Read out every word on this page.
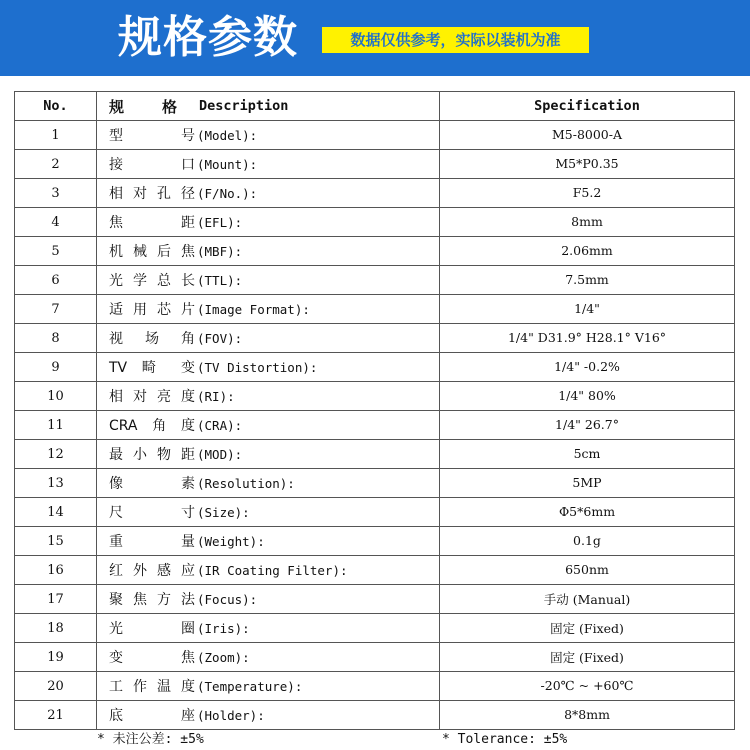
规格参数	数据仅供参考，实际以装机为准
No.	规格 Description	Specification
1	型号 (Model):	M5-8000-A
2	接口 (Mount):	M5*P0.35
3	相对孔径 (F/No.):	F5.2
4	焦距 (EFL):	8mm
5	机械后焦 (MBF):	2.06mm
6	光学总长 (TTL):	7.5mm
7	适用芯片 (Image Format):	1/4"
8	视场角 (FOV):	1/4" D31.9° H28.1° V16°
9	TV 畸 变 (TV Distortion):	1/4" -0.2%
10	相对亮度 (RI):	1/4" 80%
11	CRA角度 (CRA):	1/4" 26.7°
12	最小物距 (MOD):	5cm
13	像素 (Resolution):	5MP
14	尺寸 (Size):	Φ5*6mm
15	重量 (Weight):	0.1g
16	红外感应 (IR Coating Filter):	650nm
17	聚焦方法 (Focus):	手动 (Manual)
18	光圈 (Iris):	固定 (Fixed)
19	变焦 (Zoom):	固定 (Fixed)
20	工作温度 (Temperature):	-20℃ ~ +60℃
21	底座 (Holder):	8*8mm
* 未注公差: ±5%	* Tolerance: ±5%
